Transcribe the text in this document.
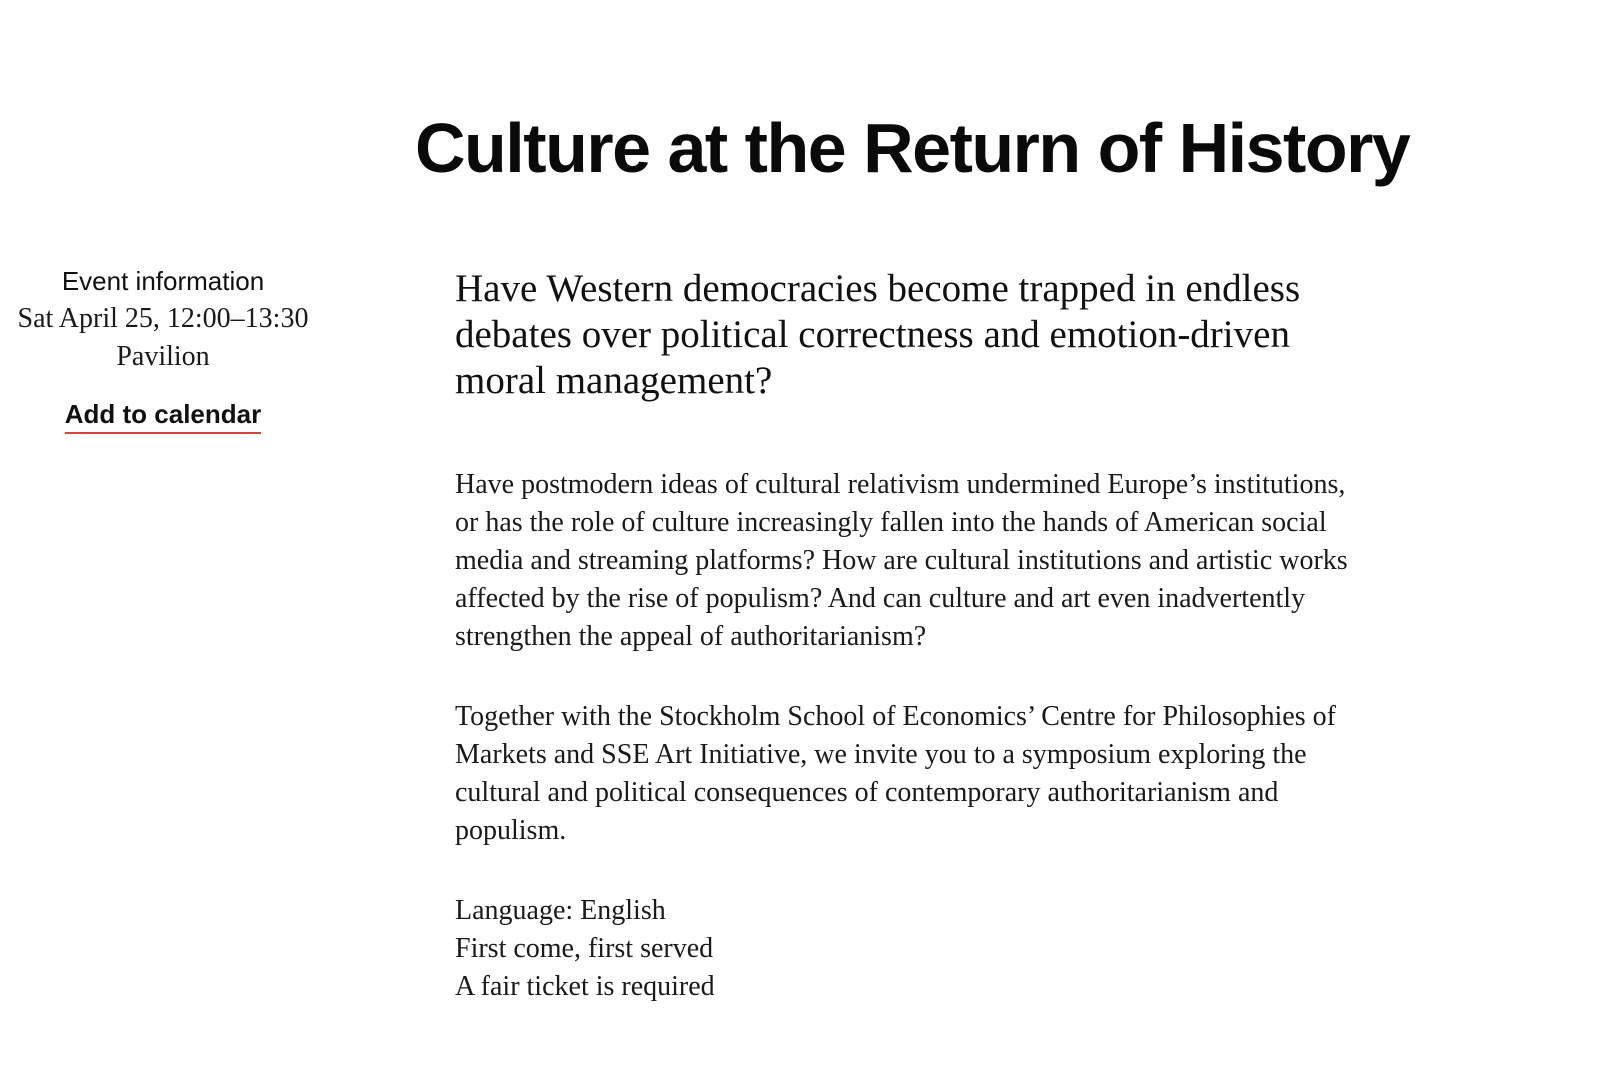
Culture at the Return of History

Event information

Sat April 25, 12:00–13:30

Pavilion

Add to calendar

Have Western democracies become trapped in endless debates over political correctness and emotion-driven moral management?

Have postmodern ideas of cultural relativism undermined Europe’s institutions, or has the role of culture increasingly fallen into the hands of American social media and streaming platforms? How are cultural institutions and artistic works affected by the rise of populism? And can culture and art even inadvertently strengthen the appeal of authoritarianism?

Together with the Stockholm School of Economics’ Centre for Philosophies of Markets and SSE Art Initiative, we invite you to a symposium exploring the cultural and political consequences of contemporary authoritarianism and populism.

Language: English

First come, first served

A fair ticket is required
